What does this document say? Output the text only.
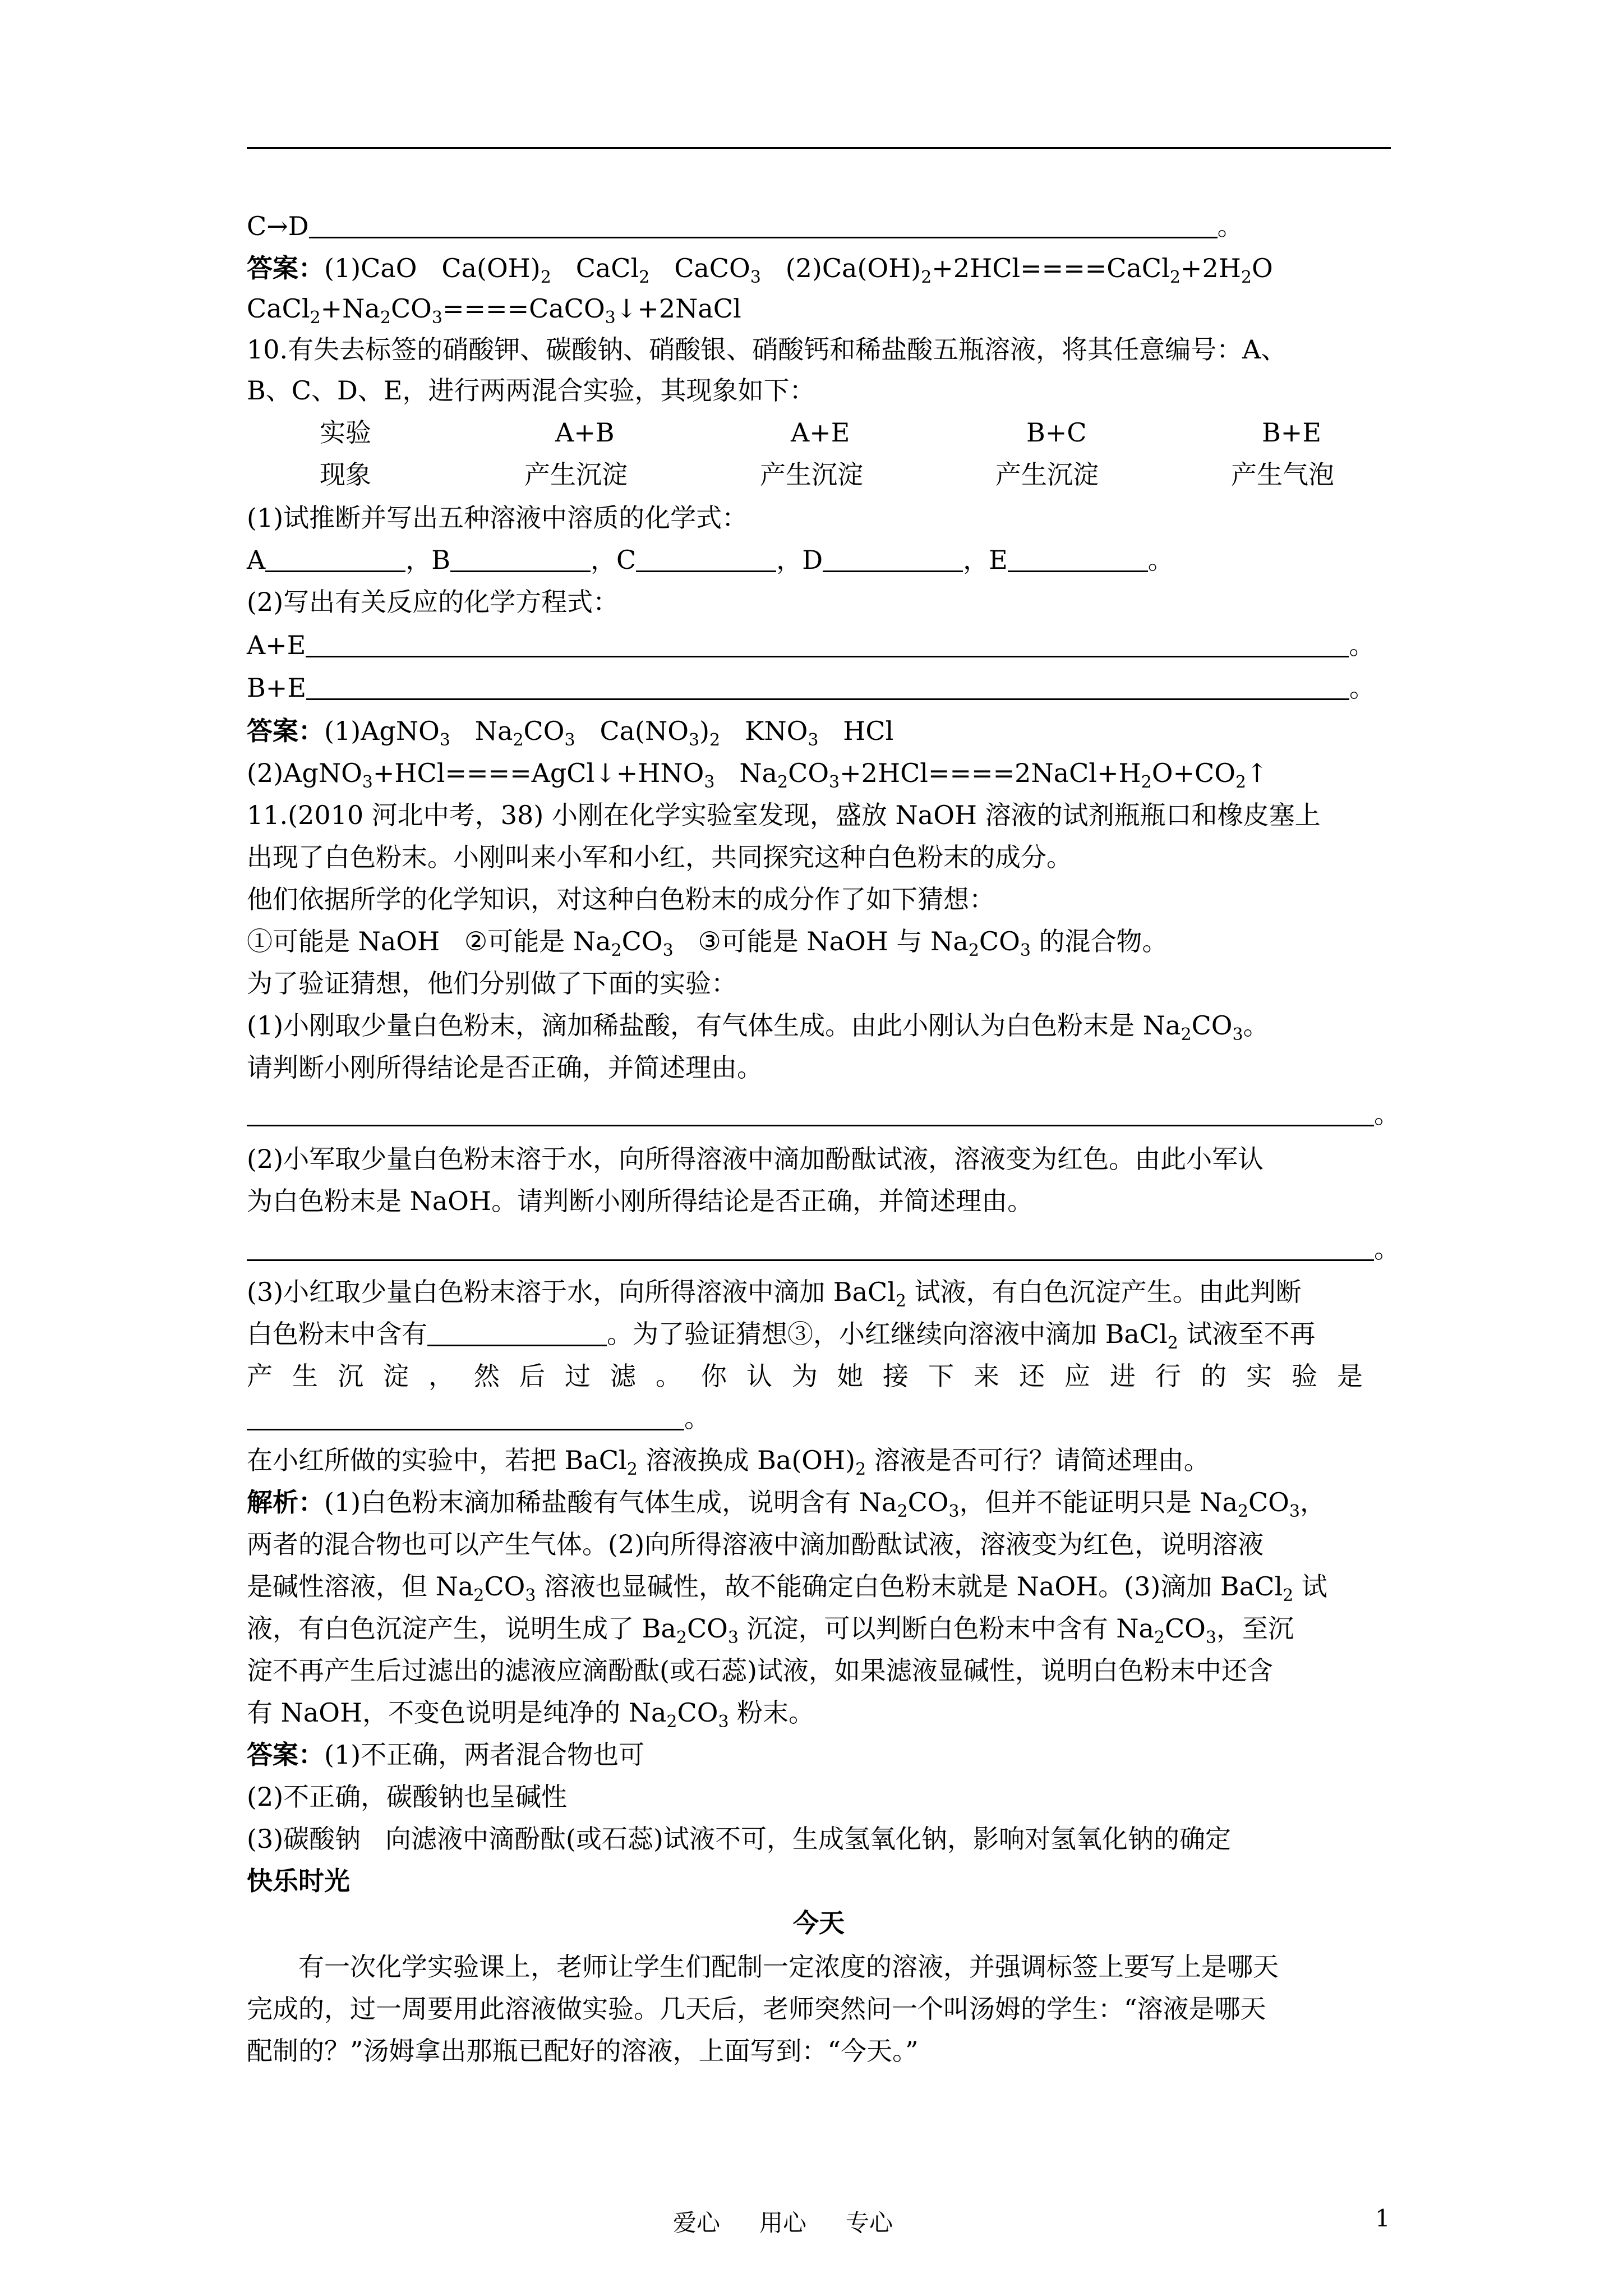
C→D	。
答案：(1)CaO $Ca(OH)_2$ CaCl$_2$ CaCO$_3$ $(2)Ca(OH)_2+2HCl====CaCl_2+2H_2O$
$CaCl_2+Na_2CO_3====CaCO_3↓+2NaCl$
10.有失去标签的硝酸钾、碳酸钠、硝酸银、硝酸钙和稀盐酸五瓶溶液，将其任意编号：A、
B、C、D、E，进行两两混合实验，其现象如下：
实验	A+B	A+E	B+C	B+E
现象	产生沉淀	产生沉淀	产生沉淀	产生气泡
(1)试推断并写出五种溶液中溶质的化学式：
A	，B	，C	，D	，E	。
(2)写出有关反应的化学方程式：
A+E	。
B+E	。
答案：(1)AgNO$_3$ $Na_2CO_3$ $Ca(NO_3)_2$ $KNO_3$ HCl
$(2)AgNO_3+HCl====AgCl↓+HNO_3$ $Na_2CO_3+2HCl====2NaCl+H_2O+CO_2↑$
11.(2010 河北中考，38) 小刚在化学实验室发现，盛放 NaOH 溶液的试剂瓶瓶口和橡皮塞上
出现了白色粉末。小刚叫来小军和小红，共同探究这种白色粉末的成分。
他们依据所学的化学知识，对这种白色粉末的成分作了如下猜想：
①可能是 NaOH ②可能是 $Na_2CO_3$ ③可能是 NaOH 与 $Na_2CO_3$ 的混合物。
为了验证猜想，他们分别做了下面的实验：
(1)小刚取少量白色粉末，滴加稀盐酸，有气体生成。由此小刚认为白色粉末是 $Na_2CO_3$。
请判断小刚所得结论是否正确，并简述理由。
。
(2)小军取少量白色粉末溶于水，向所得溶液中滴加酚酞试液，溶液变为红色。由此小军认
为白色粉末是 NaOH。请判断小刚所得结论是否正确，并简述理由。
。
(3)小红取少量白色粉末溶于水，向所得溶液中滴加 BaCl$_2$ 试液，有白色沉淀产生。由此判断
白色粉末中含有	。为了验证猜想③，小红继续向溶液中滴加 BaCl$_2$ 试液至不再
产生沉淀，然后过滤。你认为她接下来还应进行的实验是
。
在小红所做的实验中，若把 BaCl$_2$ 溶液换成 $Ba(OH)_2$ 溶液是否可行？请简述理由。
解析：(1)白色粉末滴加稀盐酸有气体生成，说明含有 $Na_2CO_3$，但并不能证明只是 $Na_2CO_3$，
两者的混合物也可以产生气体。(2)向所得溶液中滴加酚酞试液，溶液变为红色，说明溶液
是碱性溶液，但 $Na_2CO_3$ 溶液也显碱性，故不能确定白色粉末就是 NaOH。(3)滴加 BaCl$_2$ 试
液，有白色沉淀产生，说明生成了 $Ba_2CO_3$ 沉淀，可以判断白色粉末中含有 $Na_2CO_3$，至沉
淀不再产生后过滤出的滤液应滴酚酞(或石蕊)试液，如果滤液显碱性，说明白色粉末中还含
有 NaOH，不变色说明是纯净的 $Na_2CO_3$ 粉末。
答案：(1)不正确，两者混合物也可
(2)不正确，碳酸钠也呈碱性
(3)碳酸钠 向滤液中滴酚酞(或石蕊)试液不可，生成氢氧化钠，影响对氢氧化钠的确定
快乐时光
今天
有一次化学实验课上，老师让学生们配制一定浓度的溶液，并强调标签上要写上是哪天
完成的，过一周要用此溶液做实验。几天后，老师突然问一个叫汤姆的学生：“溶液是哪天
配制的？”汤姆拿出那瓶已配好的溶液，上面写到：“今天。”
爱心 用心 专心	1
